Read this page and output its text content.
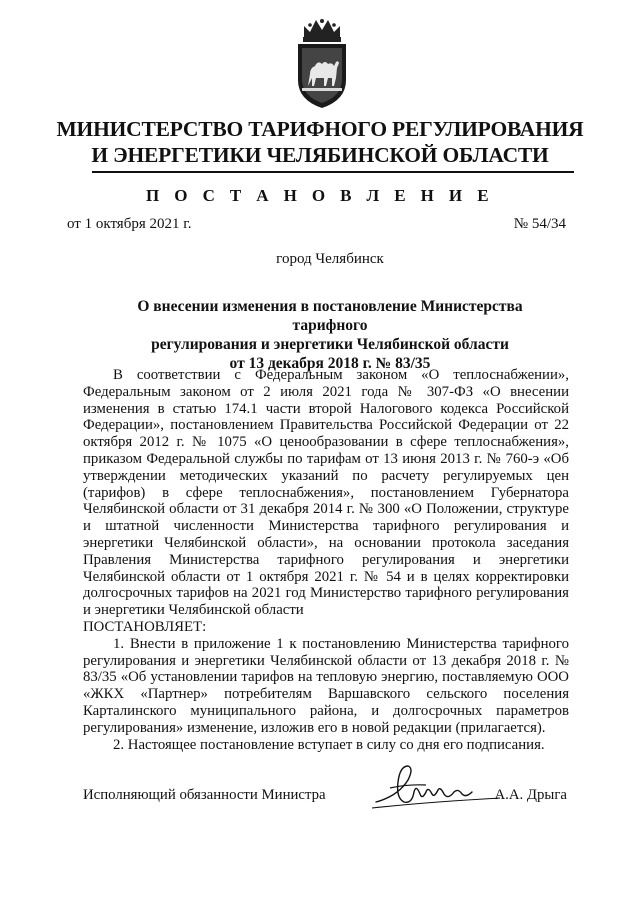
МИНИСТЕРСТВО ТАРИФНОГО РЕГУЛИРОВАНИЯ
И ЭНЕРГЕТИКИ ЧЕЛЯБИНСКОЙ ОБЛАСТИ
П О С Т А Н О В Л Е Н И Е
от 1 октября 2021 г.	№ 54/34
город Челябинск
О внесении изменения в постановление Министерства тарифного
регулирования и энергетики Челябинской области
от 13 декабря 2018 г. № 83/35

В соответствии с Федеральным законом «О теплоснабжении», Федеральным законом от 2 июля 2021 года № 307-ФЗ «О внесении изменения в статью 174.1 части второй Налогового кодекса Российской Федерации», постановлением Правительства Российской Федерации от 22 октября 2012 г. № 1075 «О ценообразовании в сфере теплоснабжения», приказом Федеральной службы по тарифам от 13 июня 2013 г. № 760-э «Об утверждении методических указаний по расчету регулируемых цен (тарифов) в сфере теплоснабжения», постановлением Губернатора Челябинской области от 31 декабря 2014 г. № 300 «О Положении, структуре и штатной численности Министерства тарифного регулирования и энергетики Челябинской области», на основании протокола заседания Правления Министерства тарифного регулирования и энергетики Челябинской области от 1 октября 2021 г. № 54 и в целях корректировки долгосрочных тарифов на 2021 год Министерство тарифного регулирования и энергетики Челябинской области

ПОСТАНОВЛЯЕТ:

1. Внести в приложение 1 к постановлению Министерства тарифного регулирования и энергетики Челябинской области от 13 декабря 2018 г. № 83/35 «Об установлении тарифов на тепловую энергию, поставляемую ООО «ЖКХ «Партнер» потребителям Варшавского сельского поселения Карталинского муниципального района, и долгосрочных параметров регулирования» изменение, изложив его в новой редакции (прилагается).

2. Настоящее постановление вступает в силу со дня его подписания.

Исполняющий обязанности Министра	А.А. Дрыга
